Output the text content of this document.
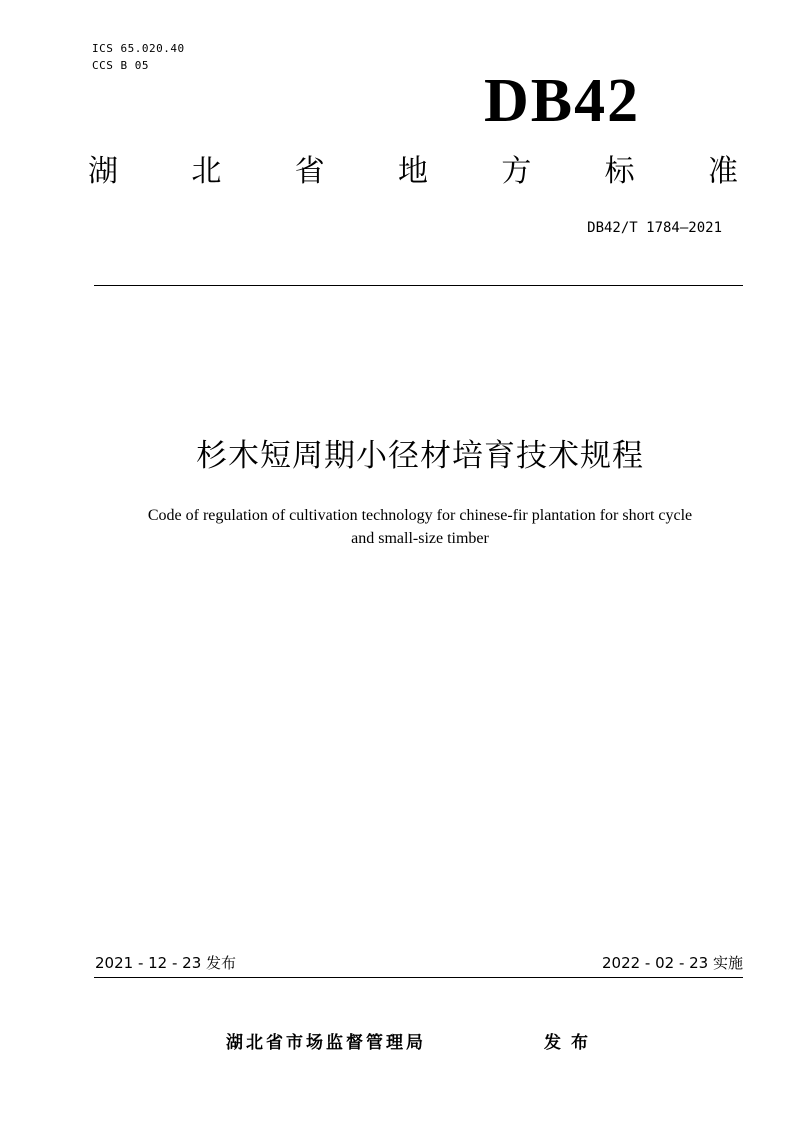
ICS 65.020.40
CCS B 05
DB42
湖 北 省 地 方 标 准
DB42/T 1784—2021
杉木短周期小径材培育技术规程
Code of regulation of cultivation technology for chinese-fir plantation for short cycle
and small-size timber
2021 - 12 - 23 发布	2022 - 02 - 23 实施
湖北省市场监督管理局	发布
